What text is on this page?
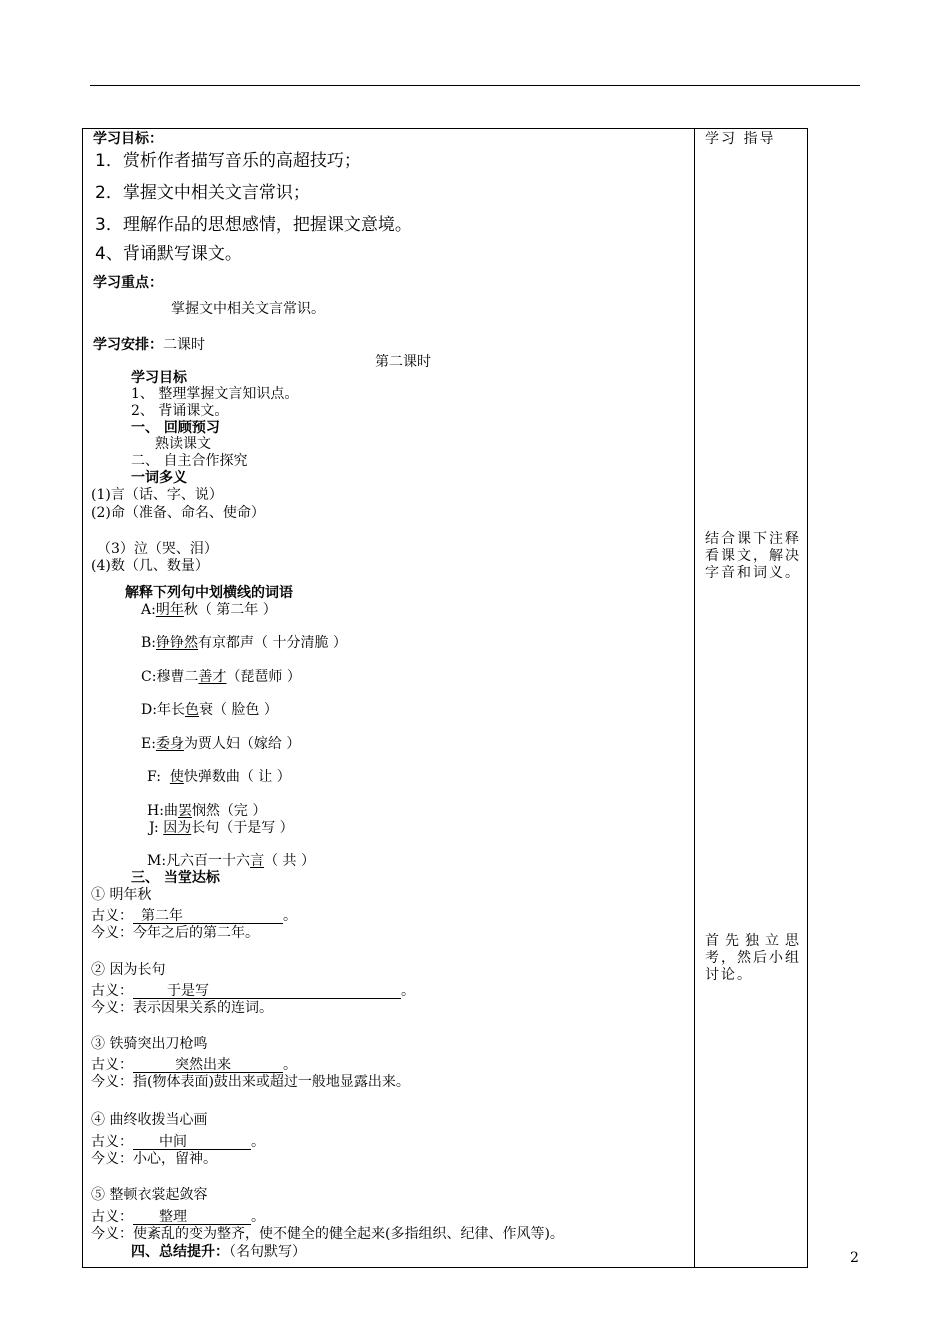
学习目标：
1．赏析作者描写音乐的高超技巧；
2．掌握文中相关文言常识；
3．理解作品的思想感情，把握课文意境。
4、背诵默写课文。
学习重点：
掌握文中相关文言常识。
学习安排：二课时
第二课时
学习目标
1、 整理掌握文言知识点。
2、 背诵课文。
一、 回顾预习
熟读课文
二、 自主合作探究
一词多义
(1)言（话、字、说）
(2)命（准备、命名、使命）
（3）泣（哭、泪）
(4)数（几、数量）
解释下列句中划横线的词语
A:明年秋（ 第二年 ）
B:铮铮然有京都声（ 十分清脆 ）
C:穆曹二善才（琵琶师 ）
D:年长色衰（ 脸色 ）
E:委身为贾人妇（嫁给 ）
F: 使快弹数曲（ 让 ）
H:曲罢悯然（完 ）
J: 因为长句（于是写 ）
M:凡六百一十六言（ 共 ）
三、 当堂达标
① 明年秋
古义： 第二年	。
今义：今年之后的第二年。
② 因为长句
古义： 于是写	。
今义：表示因果关系的连词。
③ 铁骑突出刀枪鸣
古义：	突然出来	。
今义：指(物体表面)鼓出来或超过一般地显露出来。
④ 曲终收拨当心画
古义： 中间	。
今义：小心，留神。
⑤ 整顿衣裳起敛容
古义： 整理	。
今义：使紊乱的变为整齐，使不健全的健全起来(多指组织、纪律、作风等)。
四、总结提升：（名句默写）
学习 指导
结合课下注释看课文，解决字音和词义。
首先独立思考，然后小组讨论。
2
